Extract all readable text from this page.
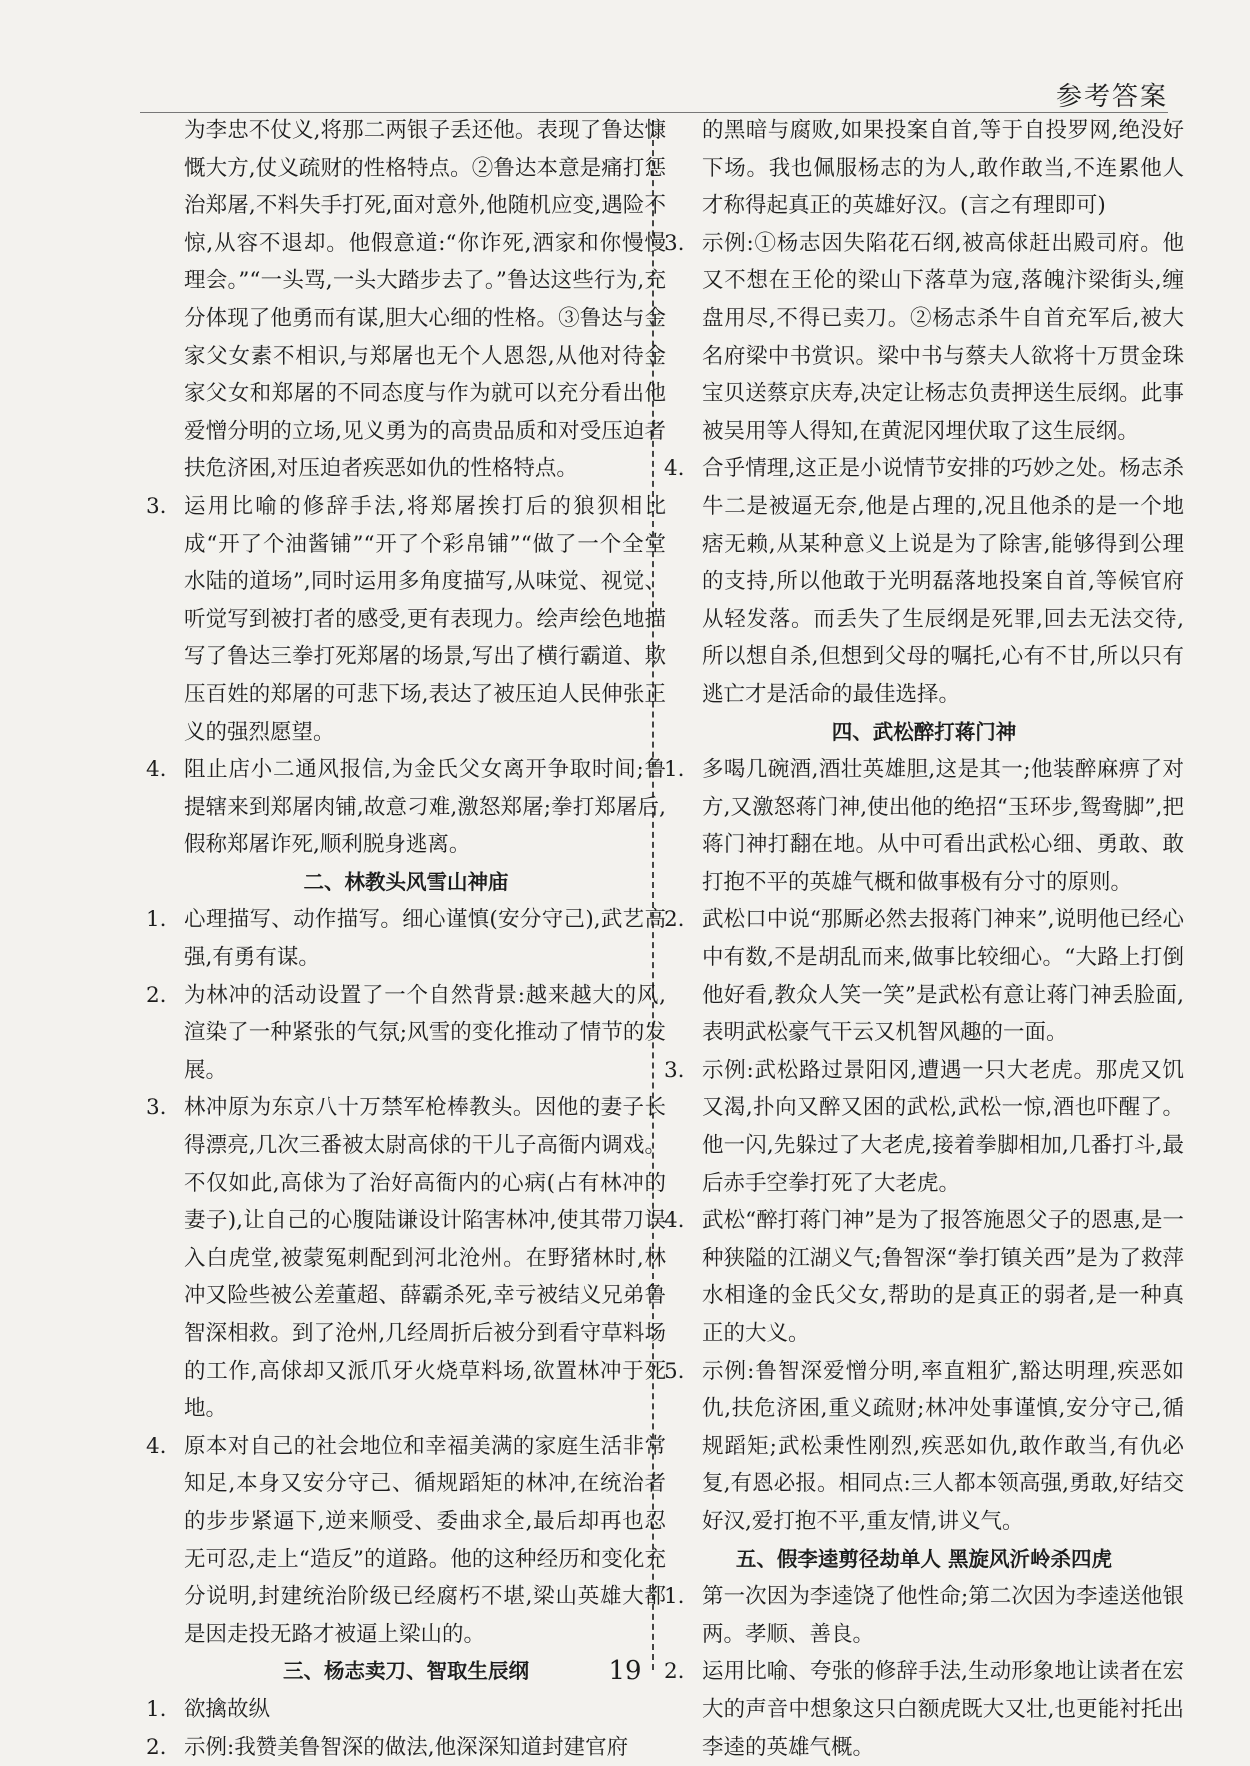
参考答案

为李忠不仗义,将那二两银子丢还他。表现了鲁达慷慨大方,仗义疏财的性格特点。②鲁达本意是痛打惩治郑屠,不料失手打死,面对意外,他随机应变,遇险不惊,从容不退却。他假意道:“你诈死,洒家和你慢慢理会。”“一头骂,一头大踏步去了。”鲁达这些行为,充分体现了他勇而有谋,胆大心细的性格。③鲁达与金家父女素不相识,与郑屠也无个人恩怨,从他对待金家父女和郑屠的不同态度与作为就可以充分看出他爱憎分明的立场,见义勇为的高贵品质和对受压迫者扶危济困,对压迫者疾恶如仇的性格特点。

3. 运用比喻的修辞手法,将郑屠挨打后的狼狈相比成“开了个油酱铺”“开了个彩帛铺”“做了一个全堂水陆的道场”,同时运用多角度描写,从味觉、视觉、听觉写到被打者的感受,更有表现力。绘声绘色地描写了鲁达三拳打死郑屠的场景,写出了横行霸道、欺压百姓的郑屠的可悲下场,表达了被压迫人民伸张正义的强烈愿望。
4. 阻止店小二通风报信,为金氏父女离开争取时间;鲁提辖来到郑屠肉铺,故意刁难,激怒郑屠;拳打郑屠后,假称郑屠诈死,顺利脱身逃离。

二、林教头风雪山神庙

1. 心理描写、动作描写。细心谨慎(安分守己),武艺高强,有勇有谋。
2. 为林冲的活动设置了一个自然背景:越来越大的风,渲染了一种紧张的气氛;风雪的变化推动了情节的发展。
3. 林冲原为东京八十万禁军枪棒教头。因他的妻子长得漂亮,几次三番被太尉高俅的干儿子高衙内调戏。不仅如此,高俅为了治好高衙内的心病(占有林冲的妻子),让自己的心腹陆谦设计陷害林冲,使其带刀误入白虎堂,被蒙冤刺配到河北沧州。在野猪林时,林冲又险些被公差董超、薛霸杀死,幸亏被结义兄弟鲁智深相救。到了沧州,几经周折后被分到看守草料场的工作,高俅却又派爪牙火烧草料场,欲置林冲于死地。
4. 原本对自己的社会地位和幸福美满的家庭生活非常知足,本身又安分守己、循规蹈矩的林冲,在统治者的步步紧逼下,逆来顺受、委曲求全,最后却再也忍无可忍,走上“造反”的道路。他的这种经历和变化充分说明,封建统治阶级已经腐朽不堪,梁山英雄大都是因走投无路才被逼上梁山的。

三、杨志卖刀、智取生辰纲

1. 欲擒故纵
2. 示例:我赞美鲁智深的做法,他深深知道封建官府

的黑暗与腐败,如果投案自首,等于自投罗网,绝没好下场。我也佩服杨志的为人,敢作敢当,不连累他人才称得起真正的英雄好汉。(言之有理即可)

3. 示例:①杨志因失陷花石纲,被高俅赶出殿司府。他又不想在王伦的梁山下落草为寇,落魄汴梁街头,缠盘用尽,不得已卖刀。②杨志杀牛自首充军后,被大名府梁中书赏识。梁中书与蔡夫人欲将十万贯金珠宝贝送蔡京庆寿,决定让杨志负责押送生辰纲。此事被吴用等人得知,在黄泥冈埋伏取了这生辰纲。
4. 合乎情理,这正是小说情节安排的巧妙之处。杨志杀牛二是被逼无奈,他是占理的,况且他杀的是一个地痞无赖,从某种意义上说是为了除害,能够得到公理的支持,所以他敢于光明磊落地投案自首,等候官府从轻发落。而丢失了生辰纲是死罪,回去无法交待,所以想自杀,但想到父母的嘱托,心有不甘,所以只有逃亡才是活命的最佳选择。

四、武松醉打蒋门神

1. 多喝几碗酒,酒壮英雄胆,这是其一;他装醉麻痹了对方,又激怒蒋门神,使出他的绝招“玉环步,鸳鸯脚”,把蒋门神打翻在地。从中可看出武松心细、勇敢、敢打抱不平的英雄气概和做事极有分寸的原则。
2. 武松口中说“那厮必然去报蒋门神来”,说明他已经心中有数,不是胡乱而来,做事比较细心。“大路上打倒他好看,教众人笑一笑”是武松有意让蒋门神丢脸面,表明武松豪气干云又机智风趣的一面。
3. 示例:武松路过景阳冈,遭遇一只大老虎。那虎又饥又渴,扑向又醉又困的武松,武松一惊,酒也吓醒了。他一闪,先躲过了大老虎,接着拳脚相加,几番打斗,最后赤手空拳打死了大老虎。
4. 武松“醉打蒋门神”是为了报答施恩父子的恩惠,是一种狭隘的江湖义气;鲁智深“拳打镇关西”是为了救萍水相逢的金氏父女,帮助的是真正的弱者,是一种真正的大义。
5. 示例:鲁智深爱憎分明,率直粗犷,豁达明理,疾恶如仇,扶危济困,重义疏财;林冲处事谨慎,安分守己,循规蹈矩;武松秉性刚烈,疾恶如仇,敢作敢当,有仇必复,有恩必报。相同点:三人都本领高强,勇敢,好结交好汉,爱打抱不平,重友情,讲义气。

五、假李逵剪径劫单人 黑旋风沂岭杀四虎

1. 第一次因为李逵饶了他性命;第二次因为李逵送他银两。孝顺、善良。
2. 运用比喻、夸张的修辞手法,生动形象地让读者在宏大的声音中想象这只白额虎既大又壮,也更能衬托出李逵的英雄气概。
19
